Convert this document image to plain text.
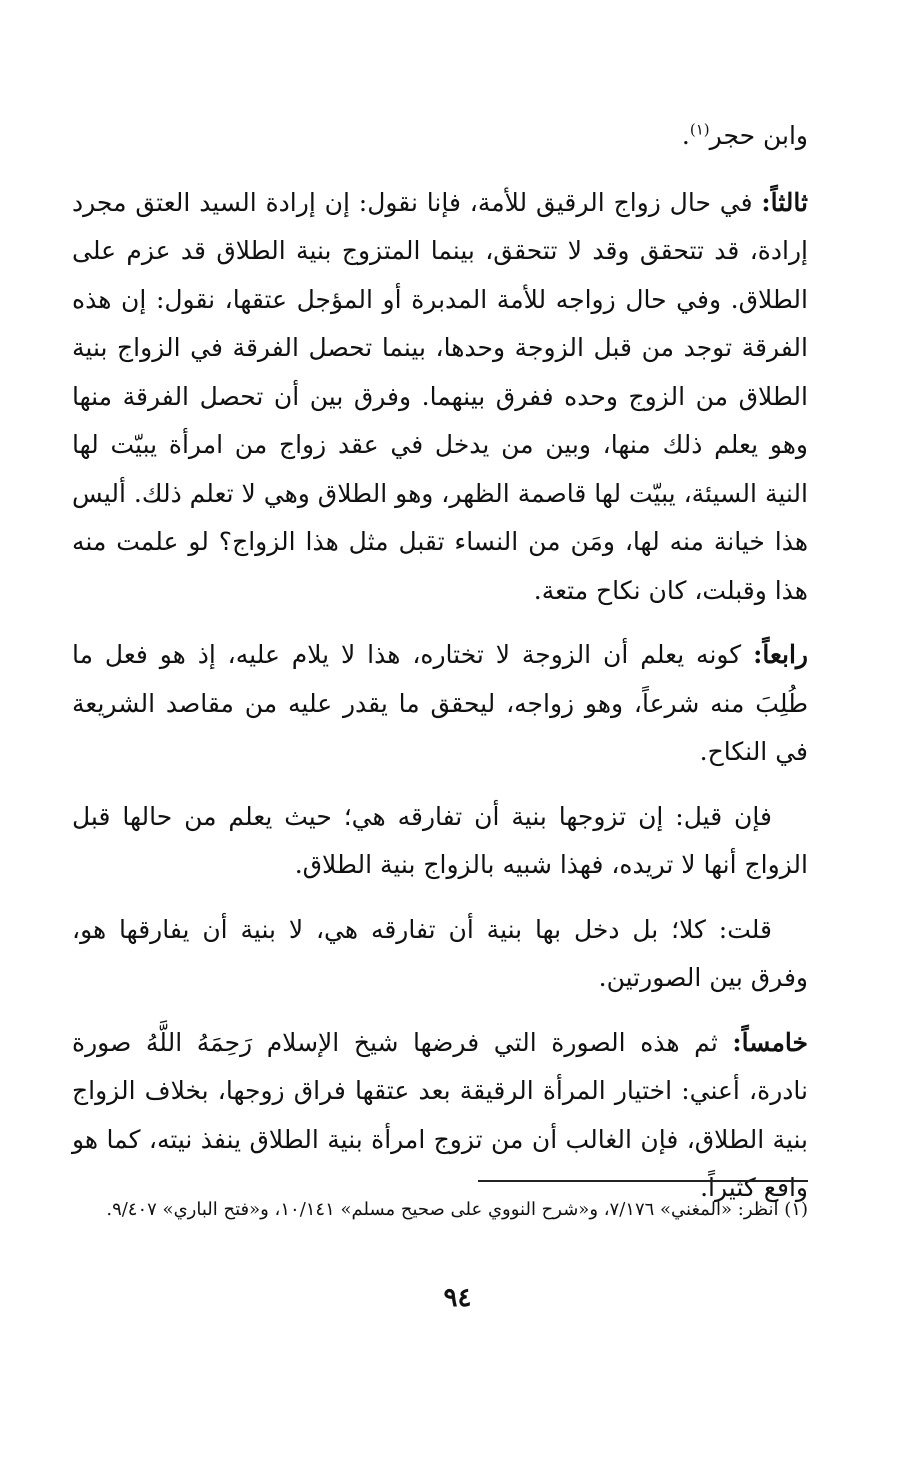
وابن حجر$^{(١)}$.

ثالثاً: في حال زواج الرقيق للأمة، فإنا نقول: إن إرادة السيد العتق مجرد إرادة، قد تتحقق وقد لا تتحقق، بينما المتزوج بنية الطلاق قد عزم على الطلاق. وفي حال زواجه للأمة المدبرة أو المؤجل عتقها، نقول: إن هذه الفرقة توجد من قبل الزوجة وحدها، بينما تحصل الفرقة في الزواج بنية الطلاق من الزوج وحده ففرق بينهما. وفرق بين أن تحصل الفرقة منها وهو يعلم ذلك منها، وبين من يدخل في عقد زواج من امرأة يبيّت لها النية السيئة، يبيّت لها قاصمة الظهر، وهو الطلاق وهي لا تعلم ذلك. أليس هذا خيانة منه لها، ومَن من النساء تقبل مثل هذا الزواج؟ لو علمت منه هذا وقبلت، كان نكاح متعة.

رابعاً: كونه يعلم أن الزوجة لا تختاره، هذا لا يلام عليه، إذ هو فعل ما طُلِبَ منه شرعاً، وهو زواجه، ليحقق ما يقدر عليه من مقاصد الشريعة في النكاح.

فإن قيل: إن تزوجها بنية أن تفارقه هي؛ حيث يعلم من حالها قبل الزواج أنها لا تريده، فهذا شبيه بالزواج بنية الطلاق.

قلت: كلا؛ بل دخل بها بنية أن تفارقه هي، لا بنية أن يفارقها هو، وفرق بين الصورتين.

خامساً: ثم هذه الصورة التي فرضها شيخ الإسلام رَحِمَهُ اللَّهُ صورة نادرة، أعني: اختيار المرأة الرقيقة بعد عتقها فراق زوجها، بخلاف الزواج بنية الطلاق، فإن الغالب أن من تزوج امرأة بنية الطلاق ينفذ نيته، كما هو واقع كثيراً.

(١) انظر: «المغني» ٧/١٧٦، و«شرح النووي على صحيح مسلم» ١٠/١٤١، و«فتح الباري» ٩/٤٠٧.

٩٤
